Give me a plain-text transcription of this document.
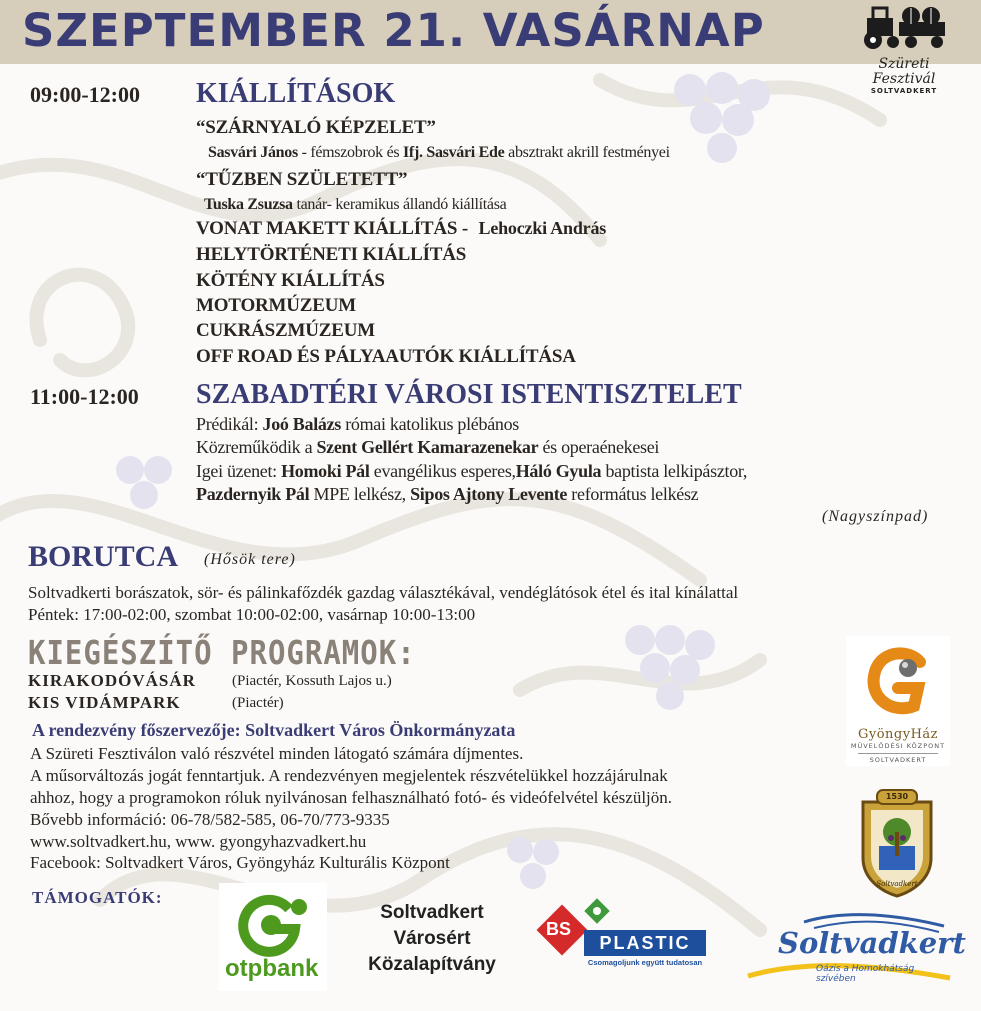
SZEPTEMBER 21. VASÁRNAP
Szüreti Fesztivál
SOLTVADKERT
09:00-12:00 KIÁLLÍTÁSOK
“SZÁRNYALÓ KÉPZELET”
Sasvári János - fémszobrok és Ifj. Sasvári Ede absztrakt akrill festményei
“TŰZBEN SZÜLETETT”
Tuska Zsuzsa tanár- keramikus állandó kiállítása
VONAT MAKETT KIÁLLÍTÁS - Lehoczki András
HELYTÖRTÉNETI KIÁLLÍTÁS
KÖTÉNY KIÁLLÍTÁS
MOTORMÚZEUM
CUKRÁSZMÚZEUM
OFF ROAD ÉS PÁLYAAUTÓK KIÁLLÍTÁSA
11:00-12:00 SZABADTÉRI VÁROSI ISTENTISZTELET
Prédikál: Joó Balázs római katolikus plébános
Közreműködik a Szent Gellért Kamarazenekar és operaénekesei
Igei üzenet: Homoki Pál evangélikus esperes,Háló Gyula baptista lelkipásztor,
Pazdernyik Pál MPE lelkész, Sipos Ajtony Levente református lelkész
(Nagyszínpad)
BORUTCA (Hősök tere)
Soltvadkerti borászatok, sör- és pálinkafőzdék gazdag választékával, vendéglátósok étel és ital kínálattal
Péntek: 17:00-02:00, szombat 10:00-02:00, vasárnap 10:00-13:00
KIEGÉSZÍTŐ PROGRAMOK:
KIRAKODÓVÁSÁR (Piactér, Kossuth Lajos u.)
KIS VIDÁMPARK	(Piactér)
A rendezvény főszervezője: Soltvadkert Város Önkormányzata
A Szüreti Fesztiválon való részvétel minden látogató számára díjmentes.
A műsorváltozás jogát fenntartjuk. A rendezvényen megjelentek részvételükkel hozzájárulnak
ahhoz, hogy a programokon róluk nyilvánosan felhasználható fotó- és videófelvétel készüljön.
Bővebb információ: 06-78/582-585, 06-70/773-9335
www.soltvadkert.hu, www. gyongyhazvadkert.hu
Facebook: Soltvadkert Város, Gyöngyház Kulturális Központ
GyöngyHáz
MŰVELŐDÉSI KÖZPONT
SOLTVADKERT
1530
Soltvadkert
TÁMOGATÓK:
otpbank
Soltvadkert
Városért
Közalapítvány
BS
PLASTIC
Csomagoljunk együtt tudatosan
Soltvadkert
Oázis a Homokhátság szívében
